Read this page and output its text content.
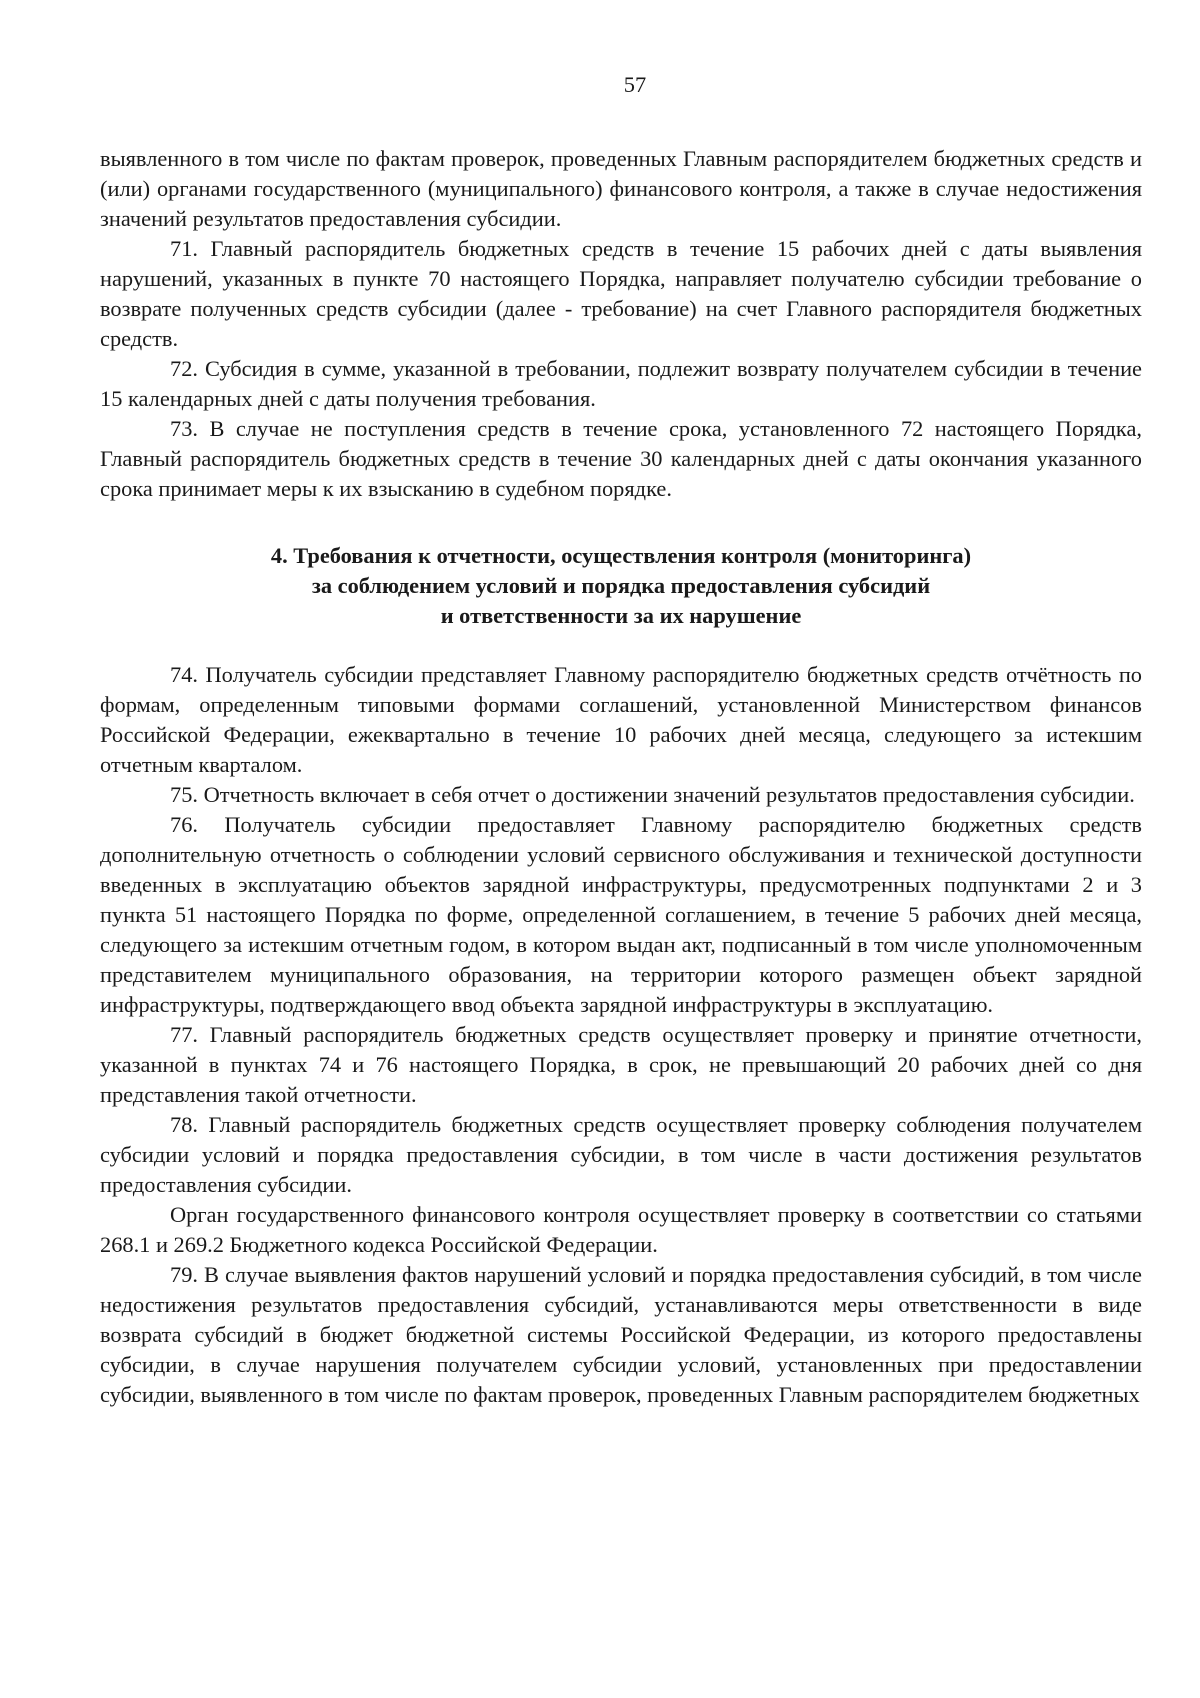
57

выявленного в том числе по фактам проверок, проведенных Главным распорядителем бюджетных средств и (или) органами государственного (муниципального) финансового контроля, а также в случае недостижения значений результатов предоставления субсидии.

71. Главный распорядитель бюджетных средств в течение 15 рабочих дней с даты выявления нарушений, указанных в пункте 70 настоящего Порядка, направляет получателю субсидии требование о возврате полученных средств субсидии (далее - требование) на счет Главного распорядителя бюджетных средств.

72. Субсидия в сумме, указанной в требовании, подлежит возврату получателем субсидии в течение 15 календарных дней с даты получения требования.

73. В случае не поступления средств в течение срока, установленного 72 настоящего Порядка, Главный распорядитель бюджетных средств в течение 30 календарных дней с даты окончания указанного срока принимает меры к их взысканию в судебном порядке.

4. Требования к отчетности, осуществления контроля (мониторинга)
за соблюдением условий и порядка предоставления субсидий
и ответственности за их нарушение

74. Получатель субсидии представляет Главному распорядителю бюджетных средств отчётность по формам, определенным типовыми формами соглашений, установленной Министерством финансов Российской Федерации, ежеквартально в течение 10 рабочих дней месяца, следующего за истекшим отчетным кварталом.

75. Отчетность включает в себя отчет о достижении значений результатов предоставления субсидии.

76. Получатель субсидии предоставляет Главному распорядителю бюджетных средств дополнительную отчетность о соблюдении условий сервисного обслуживания и технической доступности введенных в эксплуатацию объектов зарядной инфраструктуры, предусмотренных подпунктами 2 и 3 пункта 51 настоящего Порядка по форме, определенной соглашением, в течение 5 рабочих дней месяца, следующего за истекшим отчетным годом, в котором выдан акт, подписанный в том числе уполномоченным представителем муниципального образования, на территории которого размещен объект зарядной инфраструктуры, подтверждающего ввод объекта зарядной инфраструктуры в эксплуатацию.

77. Главный распорядитель бюджетных средств осуществляет проверку и принятие отчетности, указанной в пунктах 74 и 76 настоящего Порядка, в срок, не превышающий 20 рабочих дней со дня представления такой отчетности.

78. Главный распорядитель бюджетных средств осуществляет проверку соблюдения получателем субсидии условий и порядка предоставления субсидии, в том числе в части достижения результатов предоставления субсидии.

Орган государственного финансового контроля осуществляет проверку в соответствии со статьями 268.1 и 269.2 Бюджетного кодекса Российской Федерации.

79. В случае выявления фактов нарушений условий и порядка предоставления субсидий, в том числе недостижения результатов предоставления субсидий, устанавливаются меры ответственности в виде возврата субсидий в бюджет бюджетной системы Российской Федерации, из которого предоставлены субсидии, в случае нарушения получателем субсидии условий, установленных при предоставлении субсидии, выявленного в том числе по фактам проверок, проведенных Главным распорядителем бюджетных
